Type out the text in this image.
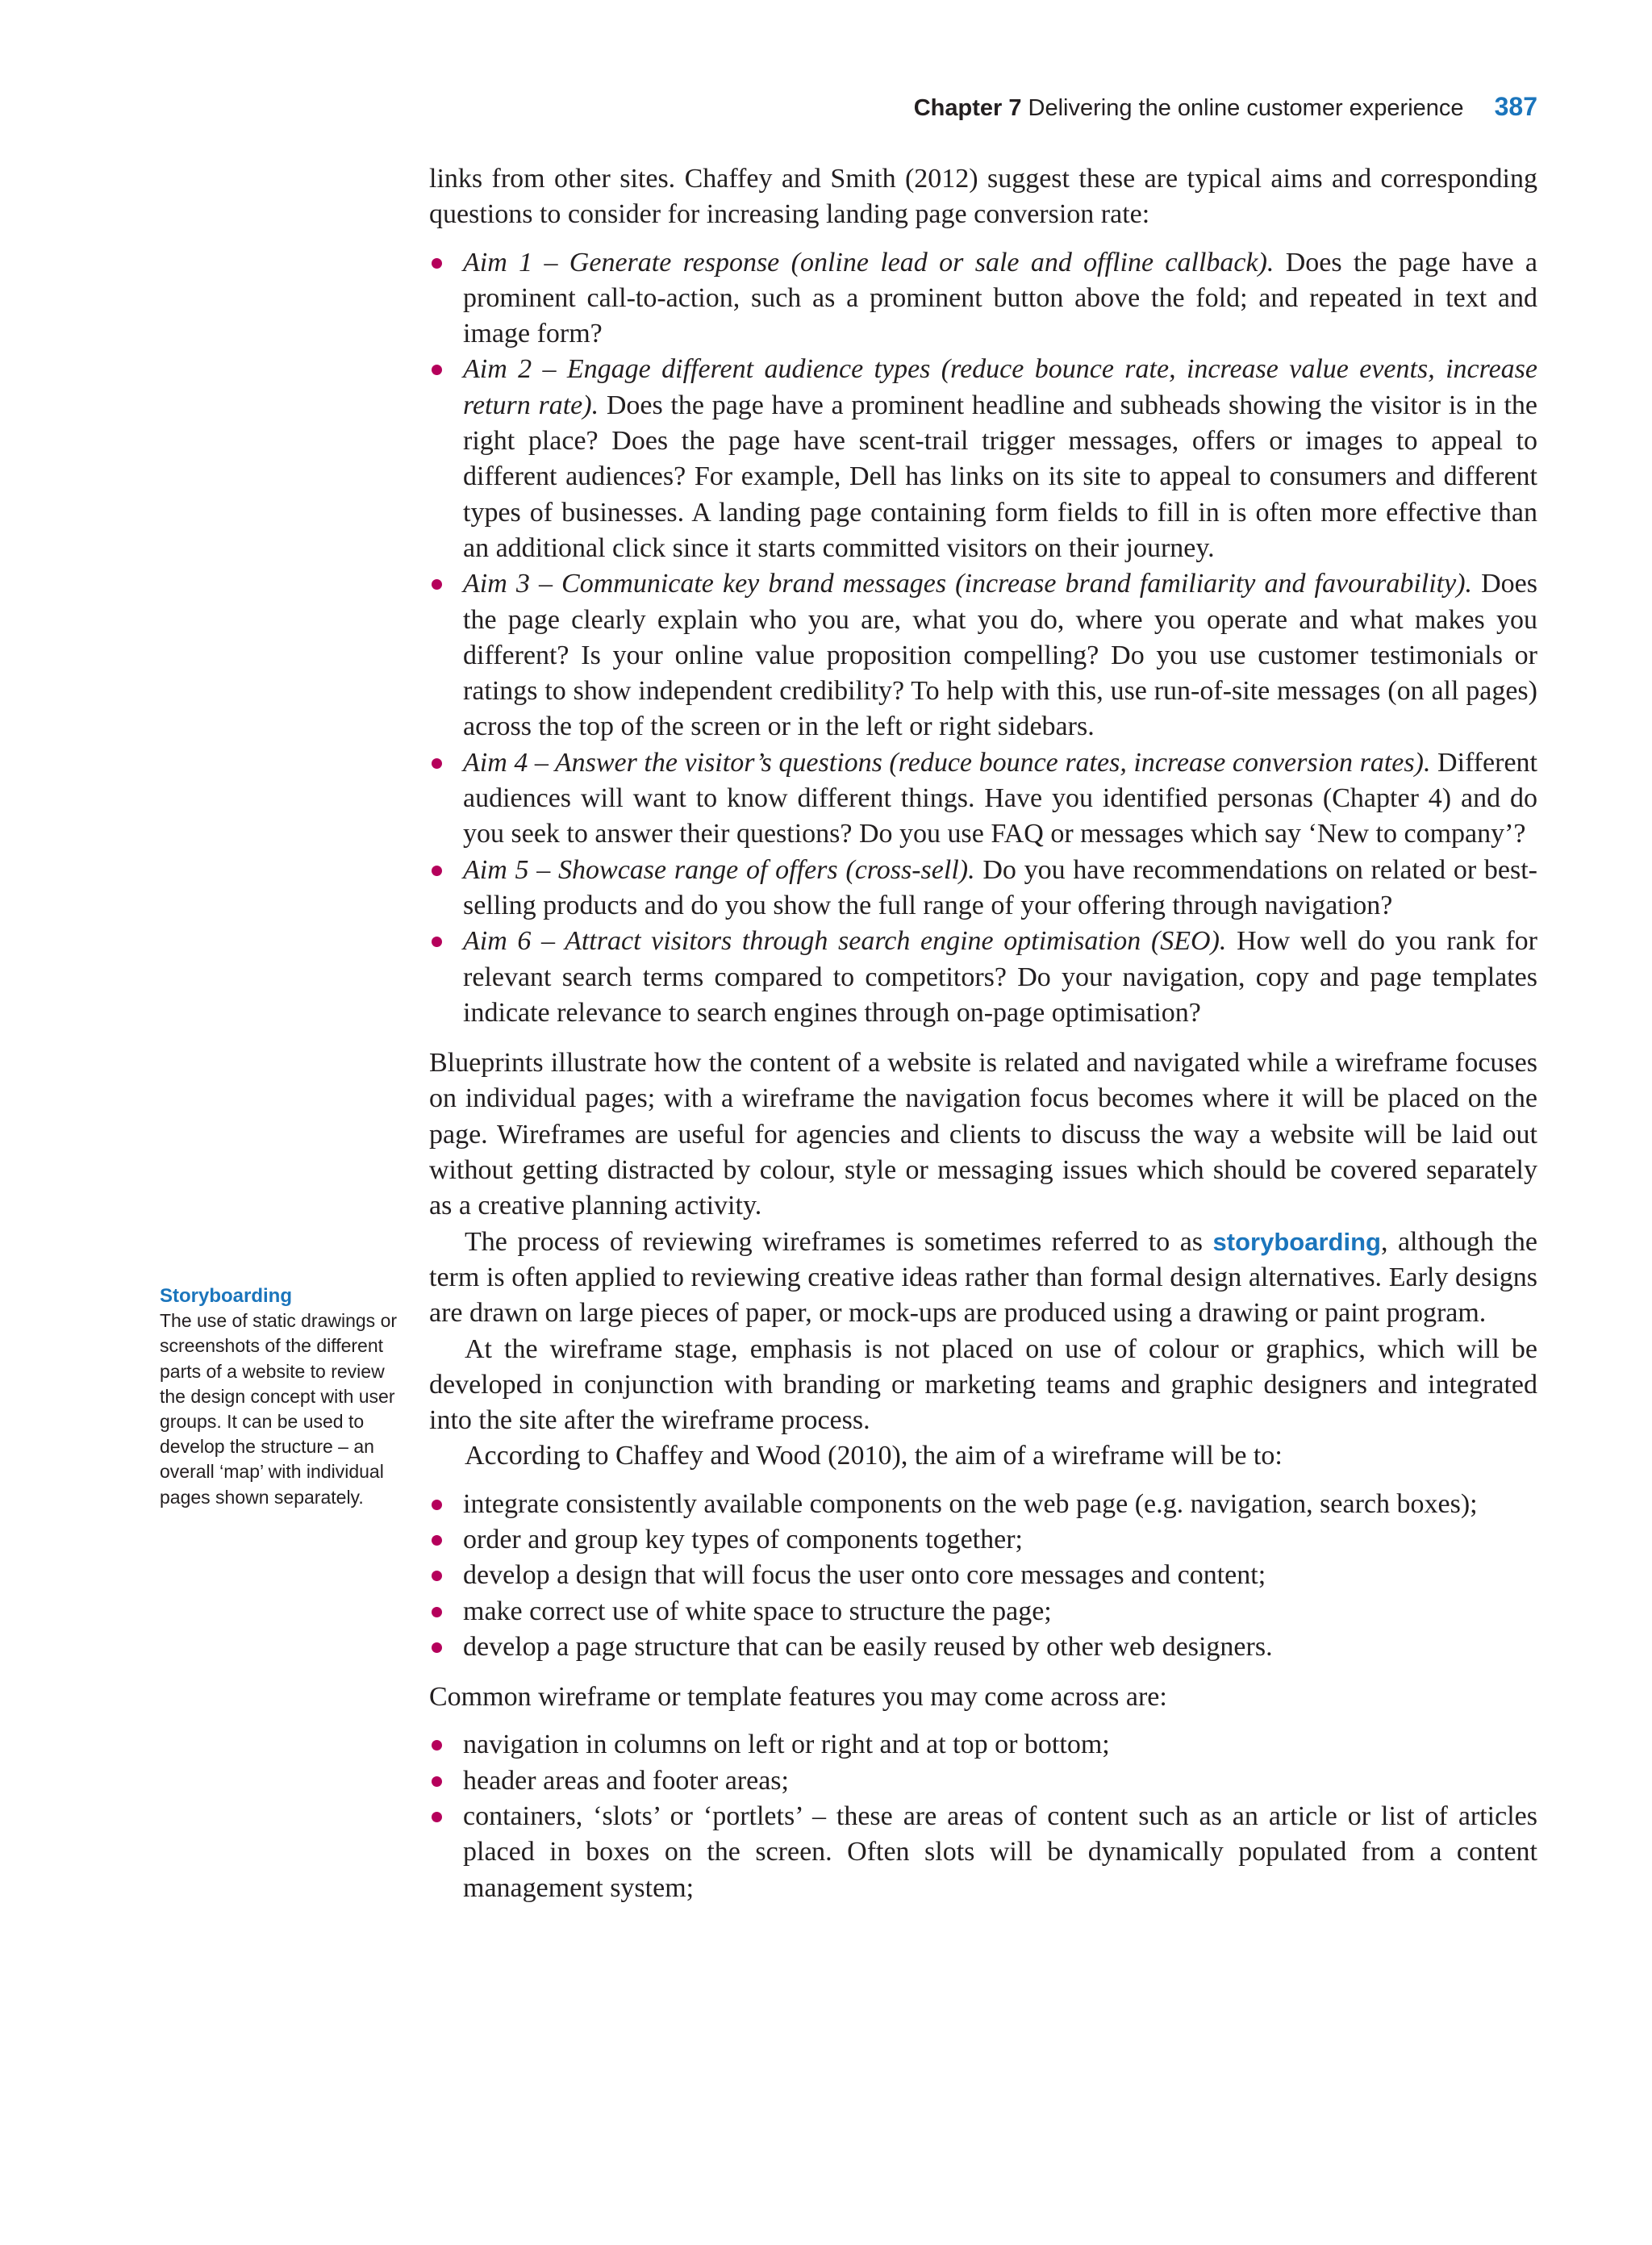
Chapter 7 Delivering the online customer experience 387
Storyboarding
The use of static drawings or screenshots of the different parts of a website to review the design concept with user groups. It can be used to develop the structure – an overall ‘map’ with individual pages shown separately.

links from other sites. Chaffey and Smith (2012) suggest these are typical aims and corresponding questions to consider for increasing landing page conversion rate:

Aim 1 – Generate response (online lead or sale and offline callback). Does the page have a prominent call-to-action, such as a prominent button above the fold; and repeated in text and image form?
Aim 2 – Engage different audience types (reduce bounce rate, increase value events, increase return rate). Does the page have a prominent headline and subheads showing the visitor is in the right place? Does the page have scent-trail trigger messages, offers or images to appeal to different audiences? For example, Dell has links on its site to appeal to consumers and different types of businesses. A landing page containing form fields to fill in is often more effective than an additional click since it starts committed visitors on their journey.
Aim 3 – Communicate key brand messages (increase brand familiarity and favourability). Does the page clearly explain who you are, what you do, where you operate and what makes you different? Is your online value proposition compelling? Do you use customer testimonials or ratings to show independent credibility? To help with this, use run-of-site messages (on all pages) across the top of the screen or in the left or right sidebars.
Aim 4 – Answer the visitor’s questions (reduce bounce rates, increase conversion rates). Different audiences will want to know different things. Have you identified personas (Chapter 4) and do you seek to answer their questions? Do you use FAQ or messages which say ‘New to company’?
Aim 5 – Showcase range of offers (cross-sell). Do you have recommendations on related or best-selling products and do you show the full range of your offering through navigation?
Aim 6 – Attract visitors through search engine optimisation (SEO). How well do you rank for relevant search terms compared to competitors? Do your navigation, copy and page templates indicate relevance to search engines through on-page optimisation?

Blueprints illustrate how the content of a website is related and navigated while a wireframe focuses on individual pages; with a wireframe the navigation focus becomes where it will be placed on the page. Wireframes are useful for agencies and clients to discuss the way a website will be laid out without getting distracted by colour, style or messaging issues which should be covered separately as a creative planning activity.

The process of reviewing wireframes is sometimes referred to as storyboarding, although the term is often applied to reviewing creative ideas rather than formal design alternatives. Early designs are drawn on large pieces of paper, or mock-ups are produced using a drawing or paint program.

At the wireframe stage, emphasis is not placed on use of colour or graphics, which will be developed in conjunction with branding or marketing teams and graphic designers and integrated into the site after the wireframe process.

According to Chaffey and Wood (2010), the aim of a wireframe will be to:

integrate consistently available components on the web page (e.g. navigation, search boxes);
order and group key types of components together;
develop a design that will focus the user onto core messages and content;
make correct use of white space to structure the page;
develop a page structure that can be easily reused by other web designers.

Common wireframe or template features you may come across are:

navigation in columns on left or right and at top or bottom;
header areas and footer areas;
containers, ‘slots’ or ‘portlets’ – these are areas of content such as an article or list of articles placed in boxes on the screen. Often slots will be dynamically populated from a content management system;
